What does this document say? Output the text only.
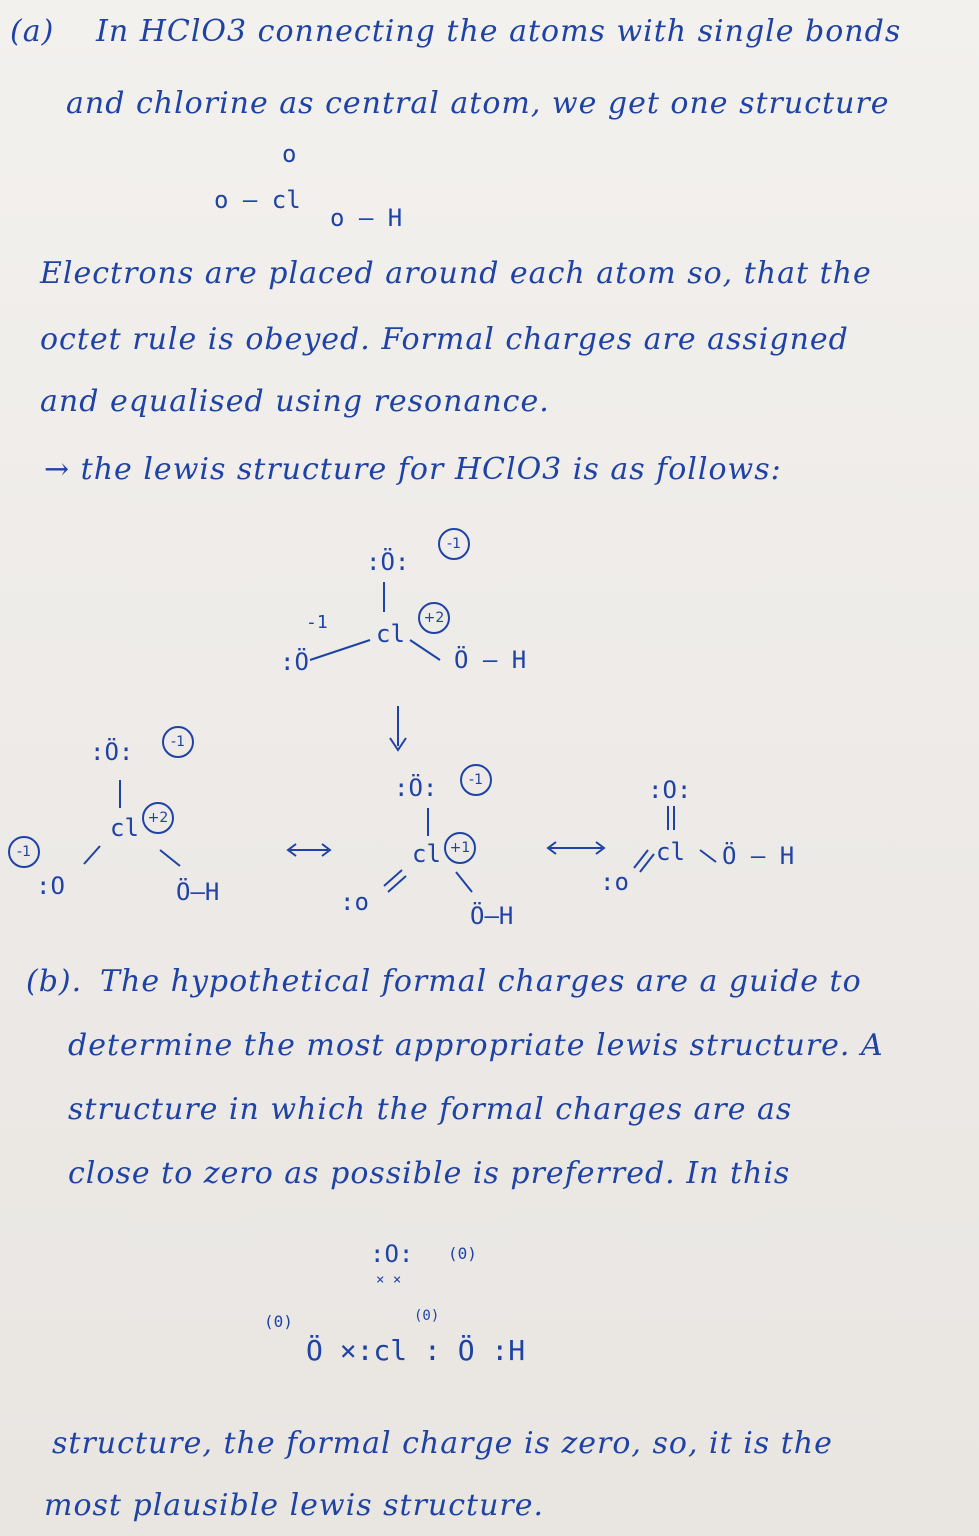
(a) In HClO3 connecting the atoms with single bonds
and chlorine as central atom, we get one structure
o
o – cl
o – H
Electrons are placed around each atom so, that the
octet rule is obeyed. Formal charges are assigned
and equalised using resonance.
→ the lewis structure for HClO3 is as follows:
:Ö:
-1
-1 cl
+2
:Ö	Ö – H
:Ö:	-1
cl +2
-1
:O	Ö–H
:Ö:	-1
cl +1
:o	Ö–H
:O:
cl
:o
Ö – H
(b). The hypothetical formal charges are a guide to
determine the most appropriate lewis structure. A
structure in which the formal charges are as
close to zero as possible is preferred. In this
:O: (0)
× ×
(0)	(0)
Ö ×:cl : Ö :H
structure, the formal charge is zero, so, it is the
most plausible lewis structure.
